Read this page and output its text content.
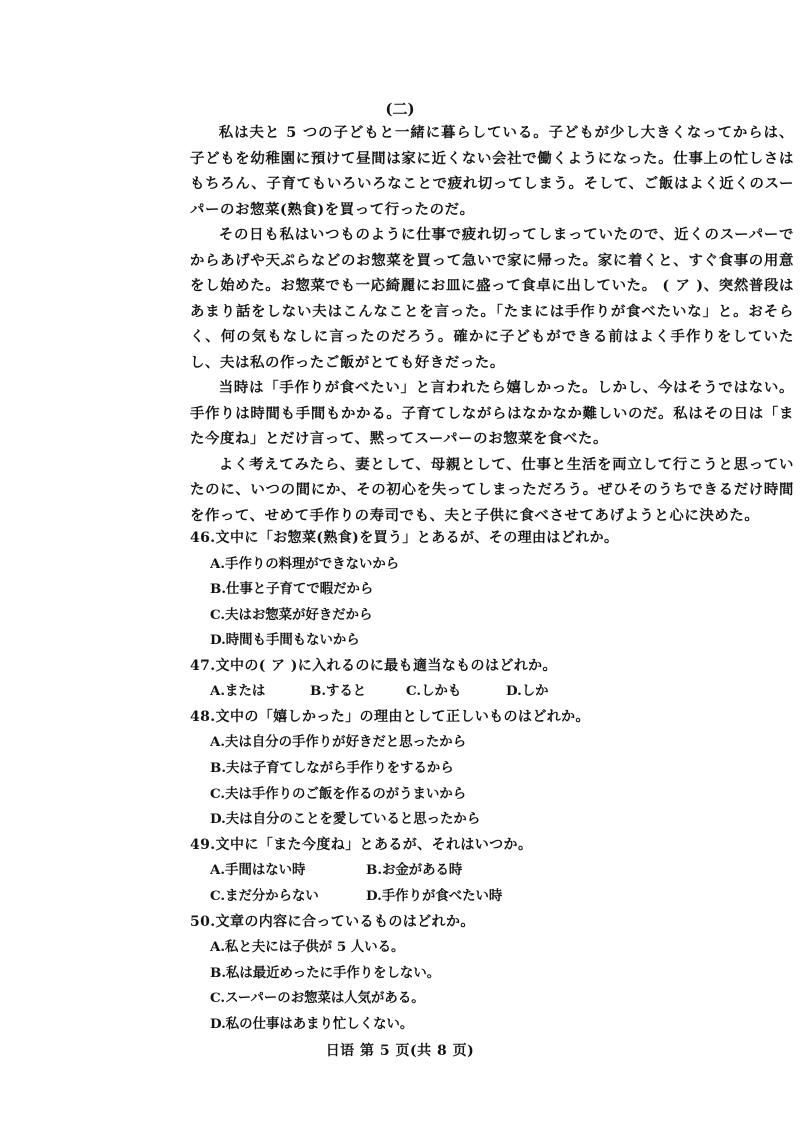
(二)

私は夫と 5 つの子どもと一緒に暮らしている。子どもが少し大きくなってからは、子どもを幼稚園に預けて昼間は家に近くない会社で働くようになった。仕事上の忙しさはもちろん、子育てもいろいろなことで疲れ切ってしまう。そして、ご飯はよく近くのスーパーのお惣菜(熟食)を買って行ったのだ。

その日も私はいつものように仕事で疲れ切ってしまっていたので、近くのスーパーでからあげや天ぷらなどのお惣菜を買って急いで家に帰った。家に着くと、すぐ食事の用意をし始めた。お惣菜でも一応綺麗にお皿に盛って食卓に出していた。 ( ア )、突然普段はあまり話をしない夫はこんなことを言った。「たまには手作りが食べたいな」と。おそらく、何の気もなしに言ったのだろう。確かに子どもができる前はよく手作りをしていたし、夫は私の作ったご飯がとても好きだった。

当時は「手作りが食べたい」と言われたら嬉しかった。しかし、今はそうではない。手作りは時間も手間もかかる。子育てしながらはなかなか難しいのだ。私はその日は「また今度ね」とだけ言って、黙ってスーパーのお惣菜を食べた。

よく考えてみたら、妻として、母親として、仕事と生活を両立して行こうと思っていたのに、いつの間にか、その初心を失ってしまっただろう。ぜひそのうちできるだけ時間を作って、せめて手作りの寿司でも、夫と子供に食べさせてあげようと心に決めた。

46.文中に「お惣菜(熟食)を買う」とあるが、その理由はどれか。
A.手作りの料理ができないから
B.仕事と子育てで暇だから
C.夫はお惣菜が好きだから
D.時間も手間もないから
47.文中の( ア )に入れるのに最も適当なものはどれか。
A.または	B.すると	C.しかも	D.しか
48.文中の「嬉しかった」の理由として正しいものはどれか。
A.夫は自分の手作りが好きだと思ったから
B.夫は子育てしながら手作りをするから
C.夫は手作りのご飯を作るのがうまいから
D.夫は自分のことを愛していると思ったから
49.文中に「また今度ね」とあるが、それはいつか。
A.手間はない時	B.お金がある時
C.まだ分からない	D.手作りが食べたい時
50.文章の内容に合っているものはどれか。
A.私と夫には子供が 5 人いる。
B.私は最近めったに手作りをしない。
C.スーパーのお惣菜は人気がある。
D.私の仕事はあまり忙しくない。
日语 第 5 页(共 8 页)
